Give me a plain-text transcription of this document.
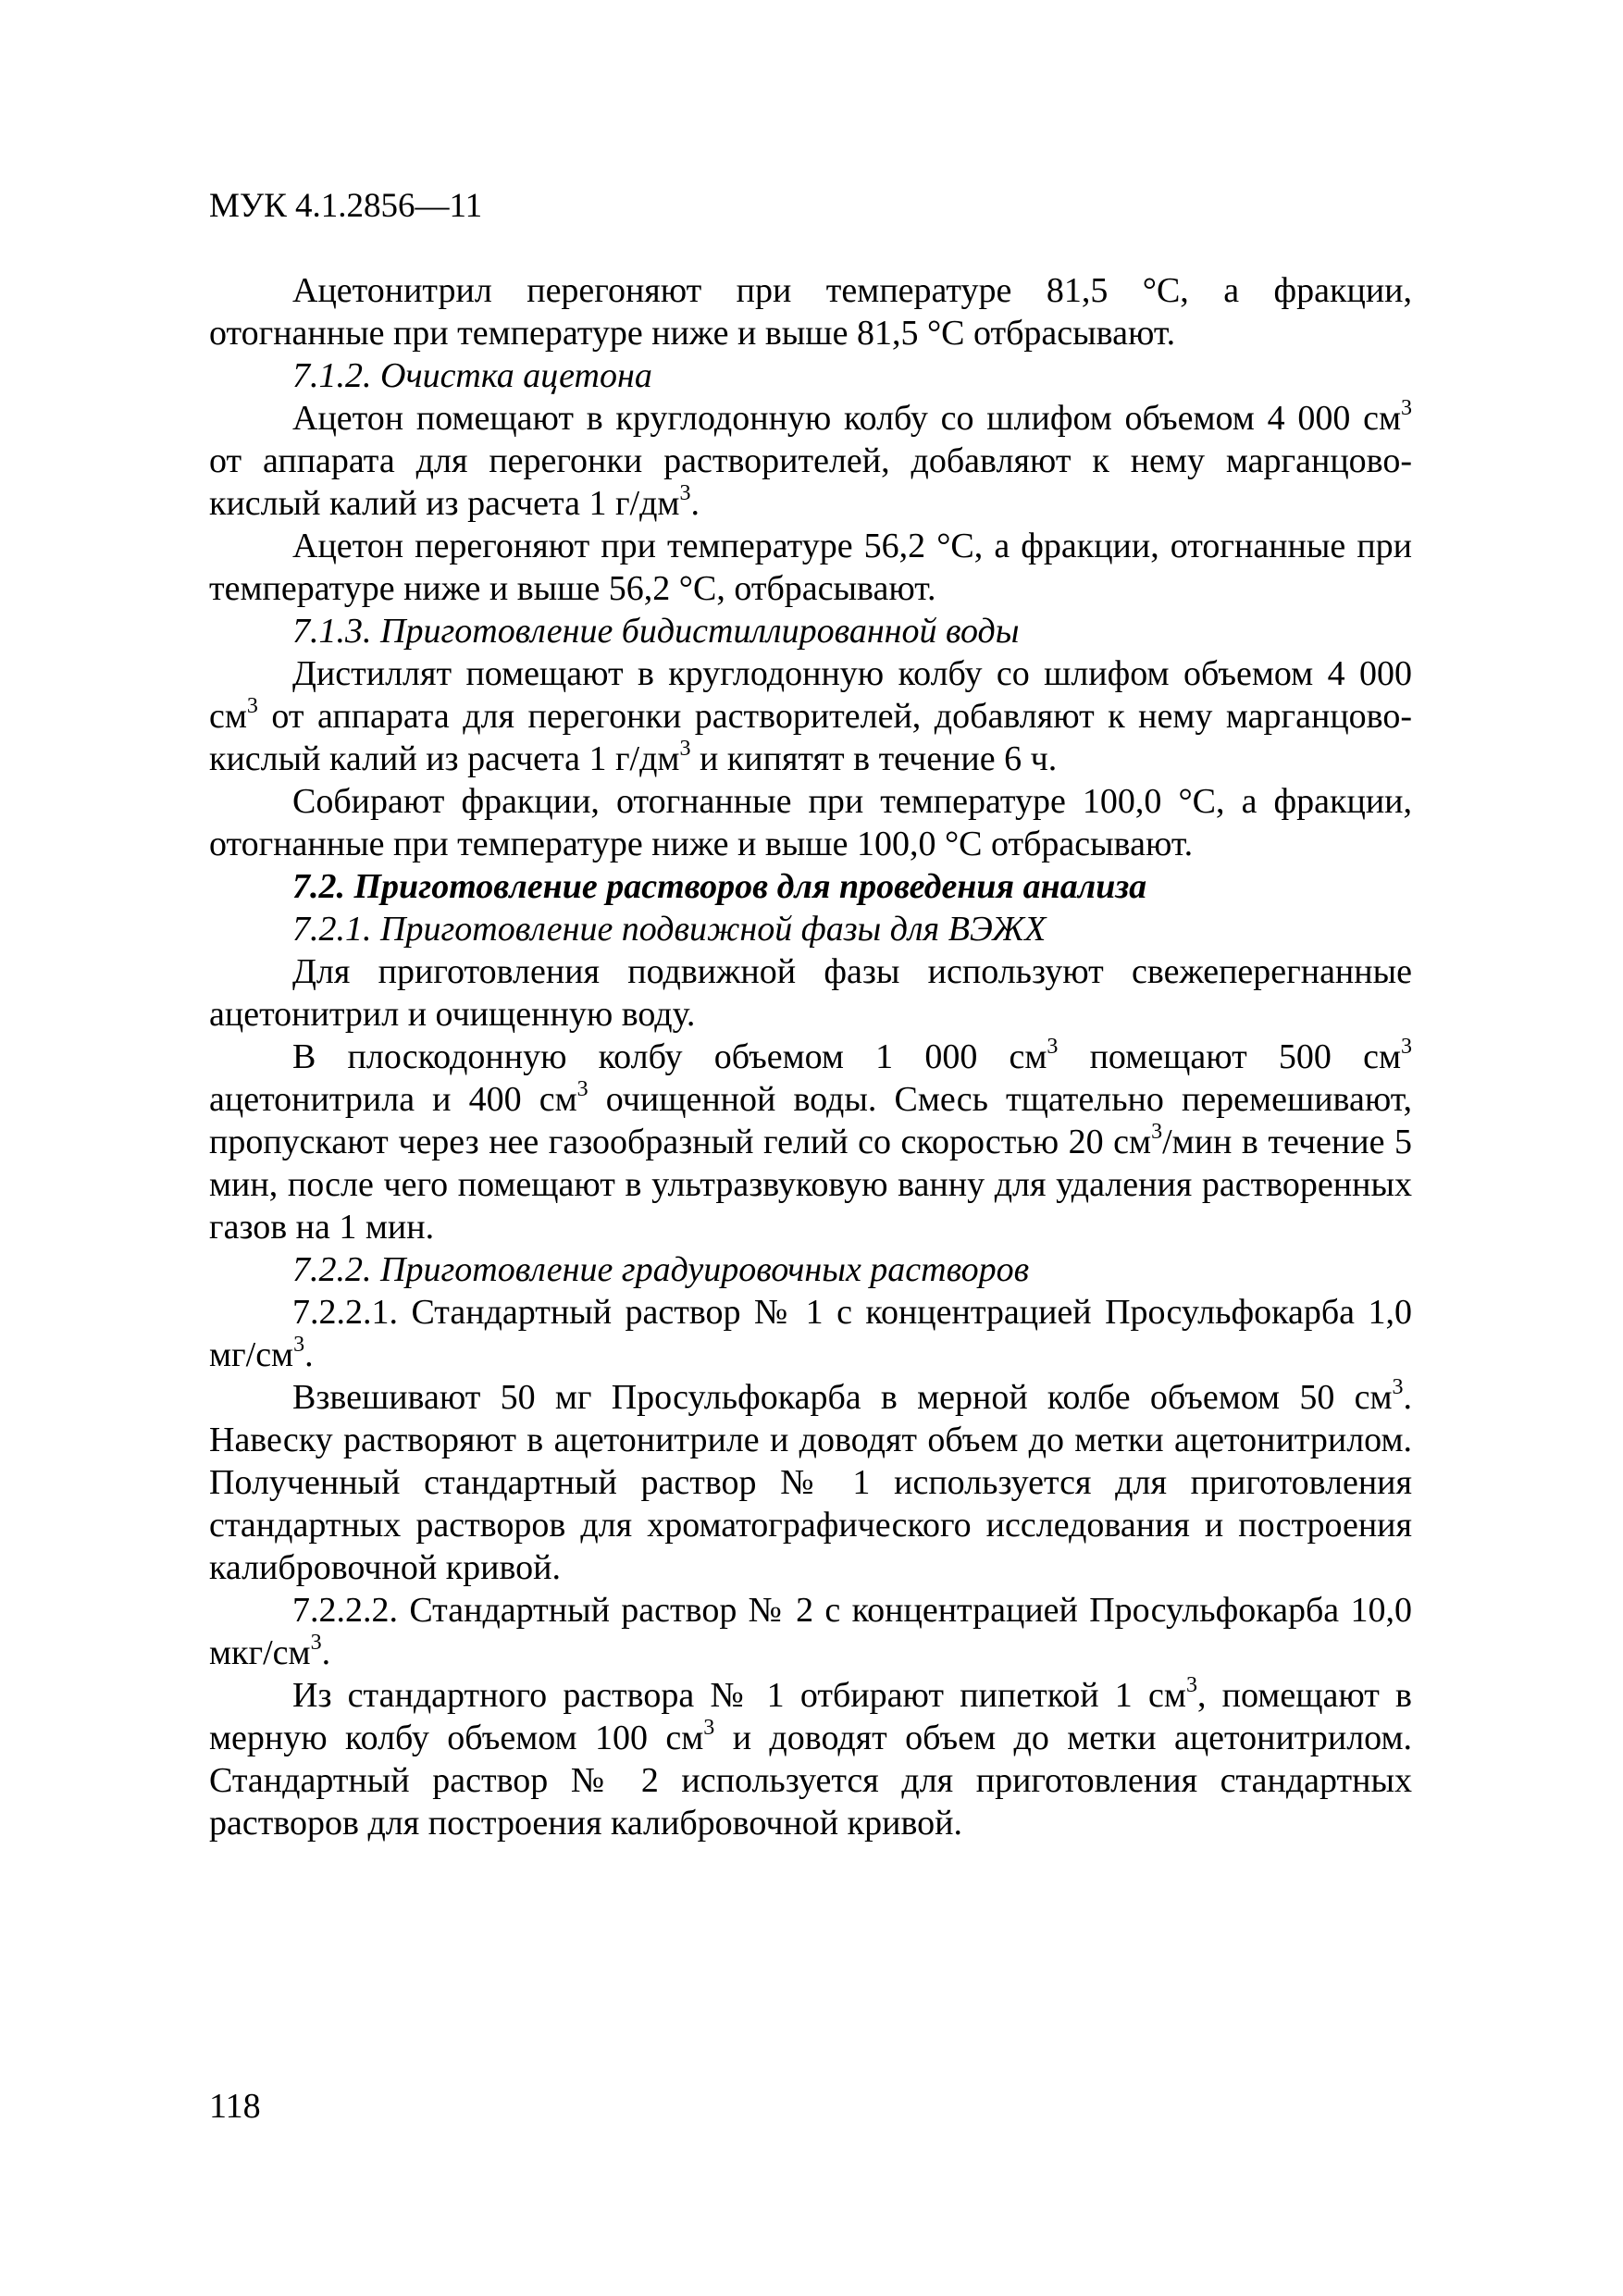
МУК 4.1.2856—11

Ацетонитрил перегоняют при температуре 81,5 °С, а фракции, отогнанные при температуре ниже и выше 81,5 °С отбрасывают.

7.1.2. Очистка ацетона

Ацетон помещают в круглодонную колбу со шлифом объемом 4 000 $см^3$ от аппарата для перегонки растворителей, добавляют к нему марганцово-кислый калий из расчета 1 $г/дм^3$.

Ацетон перегоняют при температуре 56,2 °С, а фракции, отогнанные при температуре ниже и выше 56,2 °С, отбрасывают.

7.1.3. Приготовление бидистиллированной воды

Дистиллят помещают в круглодонную колбу со шлифом объемом 4 000 $см^3$ от аппарата для перегонки растворителей, добавляют к нему марганцово-кислый калий из расчета 1 $г/дм^3$ и кипятят в течение 6 ч.

Собирают фракции, отогнанные при температуре 100,0 °С, а фракции, отогнанные при температуре ниже и выше 100,0 °С отбрасывают.

7.2. Приготовление растворов для проведения анализа

7.2.1. Приготовление подвижной фазы для ВЭЖХ

Для приготовления подвижной фазы используют свежеперегнанные ацетонитрил и очищенную воду.

В плоскодонную колбу объемом 1 000 $см^3$ помещают 500 $см^3$ ацетонитрила и 400 $см^3$ очищенной воды. Смесь тщательно перемешивают, пропускают через нее газообразный гелий со скоростью 20 $см^3$/мин в течение 5 мин, после чего помещают в ультразвуковую ванну для удаления растворенных газов на 1 мин.

7.2.2. Приготовление градуировочных растворов

7.2.2.1. Стандартный раствор № 1 с концентрацией Просульфокарба 1,0 $мг/см^3$.

Взвешивают 50 мг Просульфокарба в мерной колбе объемом 50 $см^3$. Навеску растворяют в ацетонитриле и доводят объем до метки ацетонитрилом. Полученный стандартный раствор № 1 используется для приготовления стандартных растворов для хроматографического исследования и построения калибровочной кривой.

7.2.2.2. Стандартный раствор № 2 с концентрацией Просульфокарба 10,0 мкг/$см^3$.

Из стандартного раствора № 1 отбирают пипеткой 1 $см^3$, помещают в мерную колбу объемом 100 $см^3$ и доводят объем до метки ацетонитрилом. Стандартный раствор № 2 используется для приготовления стандартных растворов для построения калибровочной кривой.

118
